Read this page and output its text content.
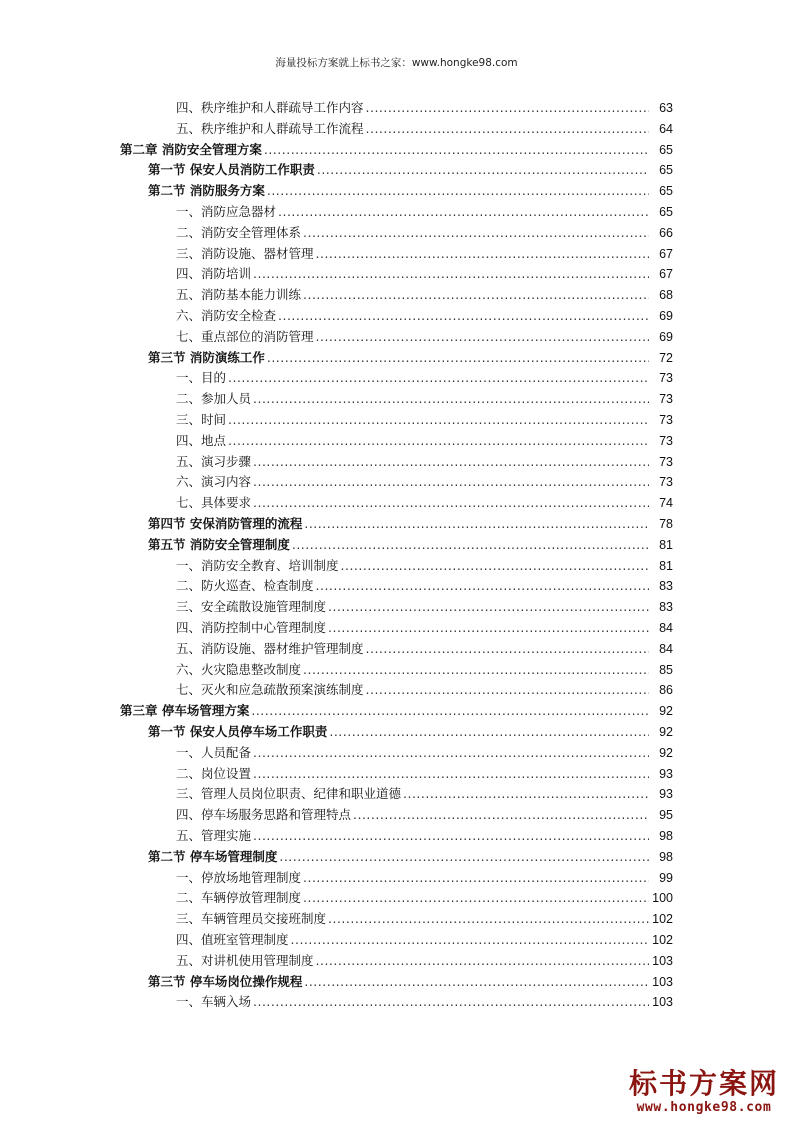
海量投标方案就上标书之家：www.hongke98.com
四、秩序维护和人群疏导工作内容 .....	63
五、秩序维护和人群疏导工作流程 .....	64
第二章 消防安全管理方案 .....	65
第一节 保安人员消防工作职责 .....	65
第二节 消防服务方案 .....	65
一、消防应急器材 .....	65
二、消防安全管理体系 .....	66
三、消防设施、器材管理 .....	67
四、消防培训 .....	67
五、消防基本能力训练 .....	68
六、消防安全检查 .....	69
七、重点部位的消防管理 .....	69
第三节 消防演练工作 .....	72
一、目的 .....	73
二、参加人员 .....	73
三、时间 .....	73
四、地点 .....	73
五、演习步骤 .....	73
六、演习内容 .....	73
七、具体要求 .....	74
第四节 安保消防管理的流程 .....	78
第五节 消防安全管理制度 .....	81
一、消防安全教育、培训制度 .....	81
二、防火巡查、检查制度 .....	83
三、安全疏散设施管理制度 .....	83
四、消防控制中心管理制度 .....	84
五、消防设施、器材维护管理制度 .....	84
六、火灾隐患整改制度 .....	85
七、灭火和应急疏散预案演练制度 .....	86
第三章 停车场管理方案 .....	92
第一节 保安人员停车场工作职责 .....	92
一、人员配备 .....	92
二、岗位设置 .....	93
三、管理人员岗位职责、纪律和职业道德 .....	93
四、停车场服务思路和管理特点 .....	95
五、管理实施 .....	98
第二节 停车场管理制度 .....	98
一、停放场地管理制度 .....	99
二、车辆停放管理制度 .....	100
三、车辆管理员交接班制度 .....	102
四、值班室管理制度 .....	102
五、对讲机使用管理制度 .....	103
第三节 停车场岗位操作规程 .....	103
一、车辆入场 .....	103
标书方案网
www.hongke98.com
